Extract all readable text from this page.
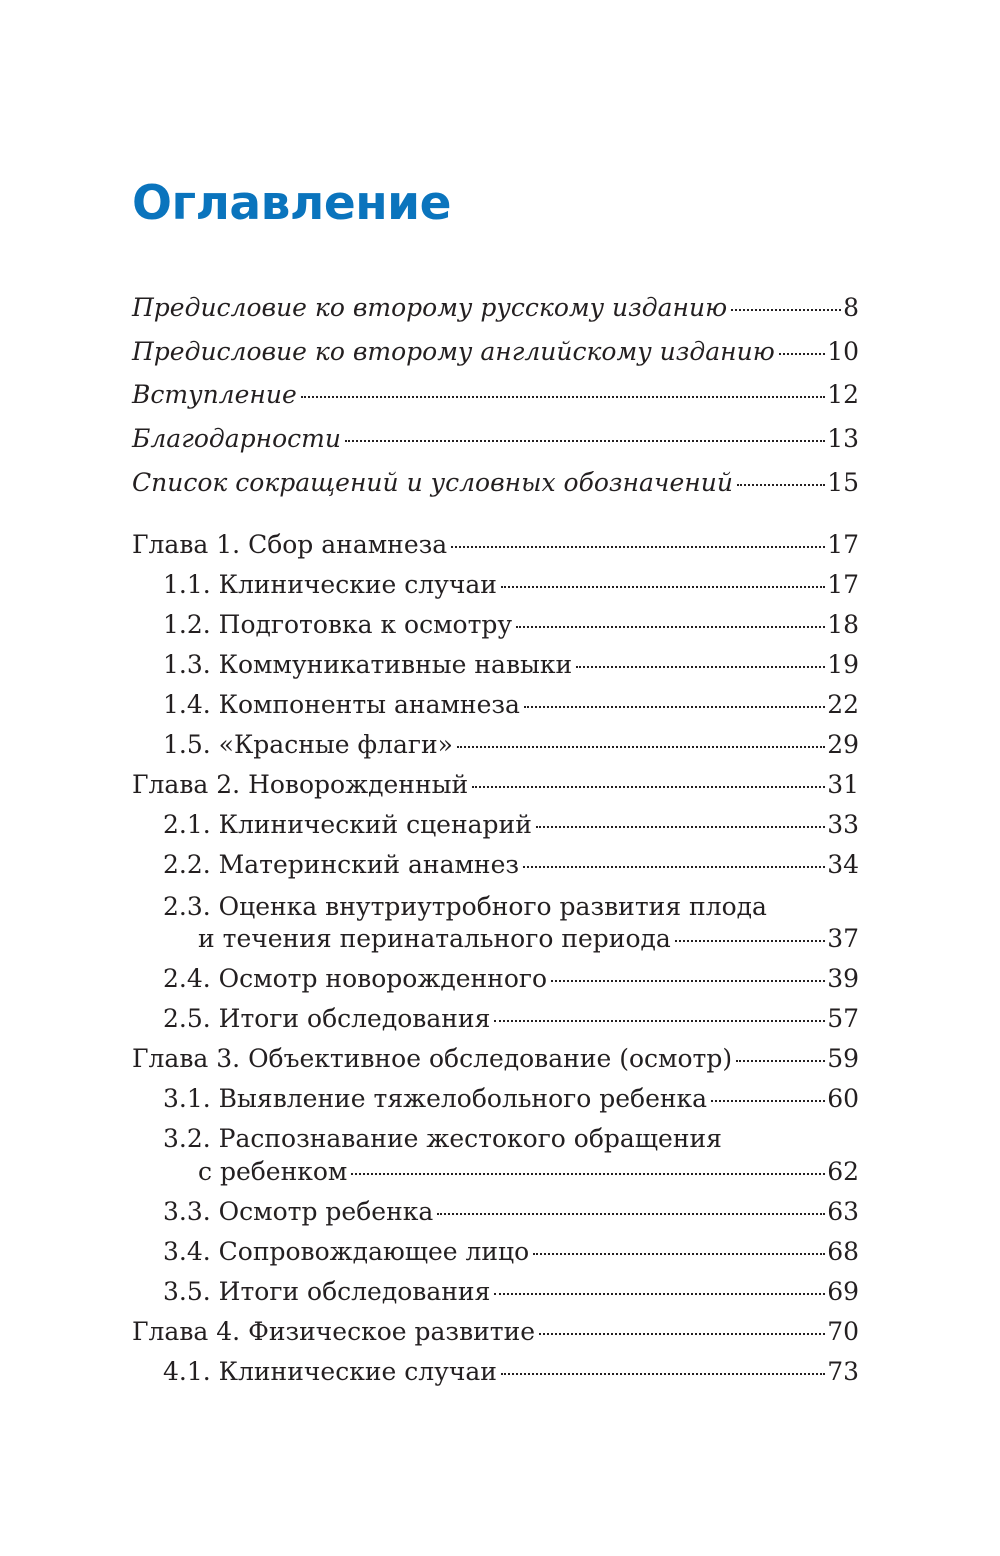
Оглавление
Предисловие ко второму русскому изданию	8
Предисловие ко второму английскому изданию 10
Вступление	12
Благодарности	13
Список сокращений и условных обозначений	15
Глава 1. Сбор анамнеза	17
1.1. Клинические случаи	17
1.2. Подготовка к осмотру	18
1.3. Коммуникативные навыки	19
1.4. Компоненты анамнеза	22
1.5. «Красные флаги»	29
Глава 2. Новорожденный	31
2.1. Клинический сценарий	33
2.2. Материнский анамнез	34
2.3. Оценка внутриутробного развития плода
и течения перинатального периода	37
2.4. Осмотр новорожденного	39
2.5. Итоги обследования	57
Глава 3. Объективное обследование (осмотр)	59
3.1. Выявление тяжелобольного ребенка	60
3.2. Распознавание жестокого обращения
с ребенком	62
3.3. Осмотр ребенка	63
3.4. Сопровождающее лицо	68
3.5. Итоги обследования	69
Глава 4. Физическое развитие	70
4.1. Клинические случаи	73
